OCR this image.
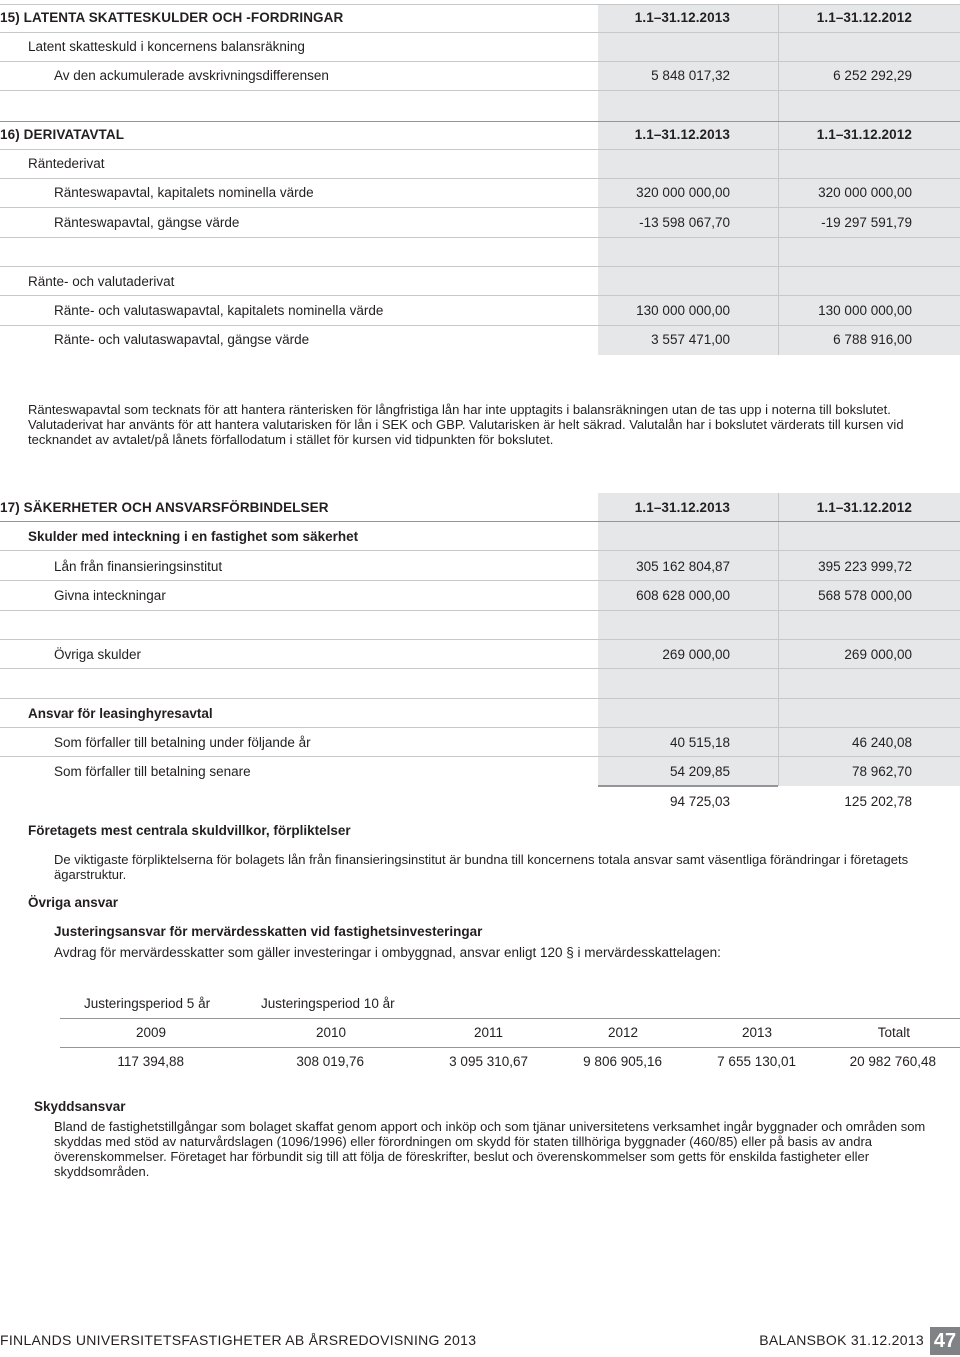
15) LATENTA SKATTESKULDER OCH -FORDRINGAR	1.1–31.12.2013	1.1–31.12.2012
Latent skatteskuld i koncernens balansräkning
Av den ackumulerade avskrivningsdifferensen	5 848 017,32	6 252 292,29
16) DERIVATAVTAL	1.1–31.12.2013	1.1–31.12.2012
Räntederivat
Ränteswapavtal, kapitalets nominella värde	320 000 000,00	320 000 000,00
Ränteswapavtal, gängse värde	-13 598 067,70	-19 297 591,79
Ränte- och valutaderivat
Ränte- och valutaswapavtal, kapitalets nominella värde	130 000 000,00	130 000 000,00
Ränte- och valutaswapavtal, gängse värde	3 557 471,00	6 788 916,00
Ränteswapavtal som tecknats för att hantera ränterisken för långfristiga lån har inte upptagits i balansräkningen utan de tas upp i noterna till bokslutet. Valutaderivat har använts för att hantera valutarisken för lån i SEK och GBP. Valutarisken är helt säkrad. Valutalån har i bokslutet värderats till kursen vid tecknandet av avtalet/på lånets förfallodatum i stället för kursen vid tidpunkten för bokslutet.
17) SÄKERHETER OCH ANSVARSFÖRBINDELSER	1.1–31.12.2013	1.1–31.12.2012
Skulder med inteckning i en fastighet som säkerhet
Lån från finansieringsinstitut	305 162 804,87	395 223 999,72
Givna inteckningar	608 628 000,00	568 578 000,00
Övriga skulder	269 000,00	269 000,00
Ansvar för leasinghyresavtal
Som förfaller till betalning under följande år	40 515,18	46 240,08
Som förfaller till betalning senare	54 209,85	78 962,70
94 725,03	125 202,78
Företagets mest centrala skuldvillkor, förpliktelser
De viktigaste förpliktelserna för bolagets lån från finansieringsinstitut är bundna till koncernens totala ansvar samt väsentliga förändringar i företagets ägarstruktur.
Övriga ansvar
Justeringsansvar för mervärdesskatten vid fastighetsinvesteringar
Avdrag för mervärdesskatter som gäller investeringar i ombyggnad, ansvar enligt 120 § i mervärdesskattelagen:
Justeringsperiod 5 år	Justeringsperiod 10 år
2009	2010	2011	2012	2013	Totalt
117 394,88	308 019,76	3 095 310,67	9 806 905,16	7 655 130,01	20 982 760,48
Skyddsansvar
Bland de fastighetstillgångar som bolaget skaffat genom apport och inköp och som tjänar universitetens verksamhet ingår byggnader och områden som skyddas med stöd av naturvårdslagen (1096/1996) eller förordningen om skydd för staten tillhöriga byggnader (460/85) eller på basis av andra överenskommelser. Företaget har förbundit sig till att följa de föreskrifter, beslut och överenskommelser som getts för enskilda fastigheter eller skyddsområden.
FINLANDS UNIVERSITETSFASTIGHETER AB ÅRSREDOVISNING 2013	BALANSBOK 31.12.2013 47
